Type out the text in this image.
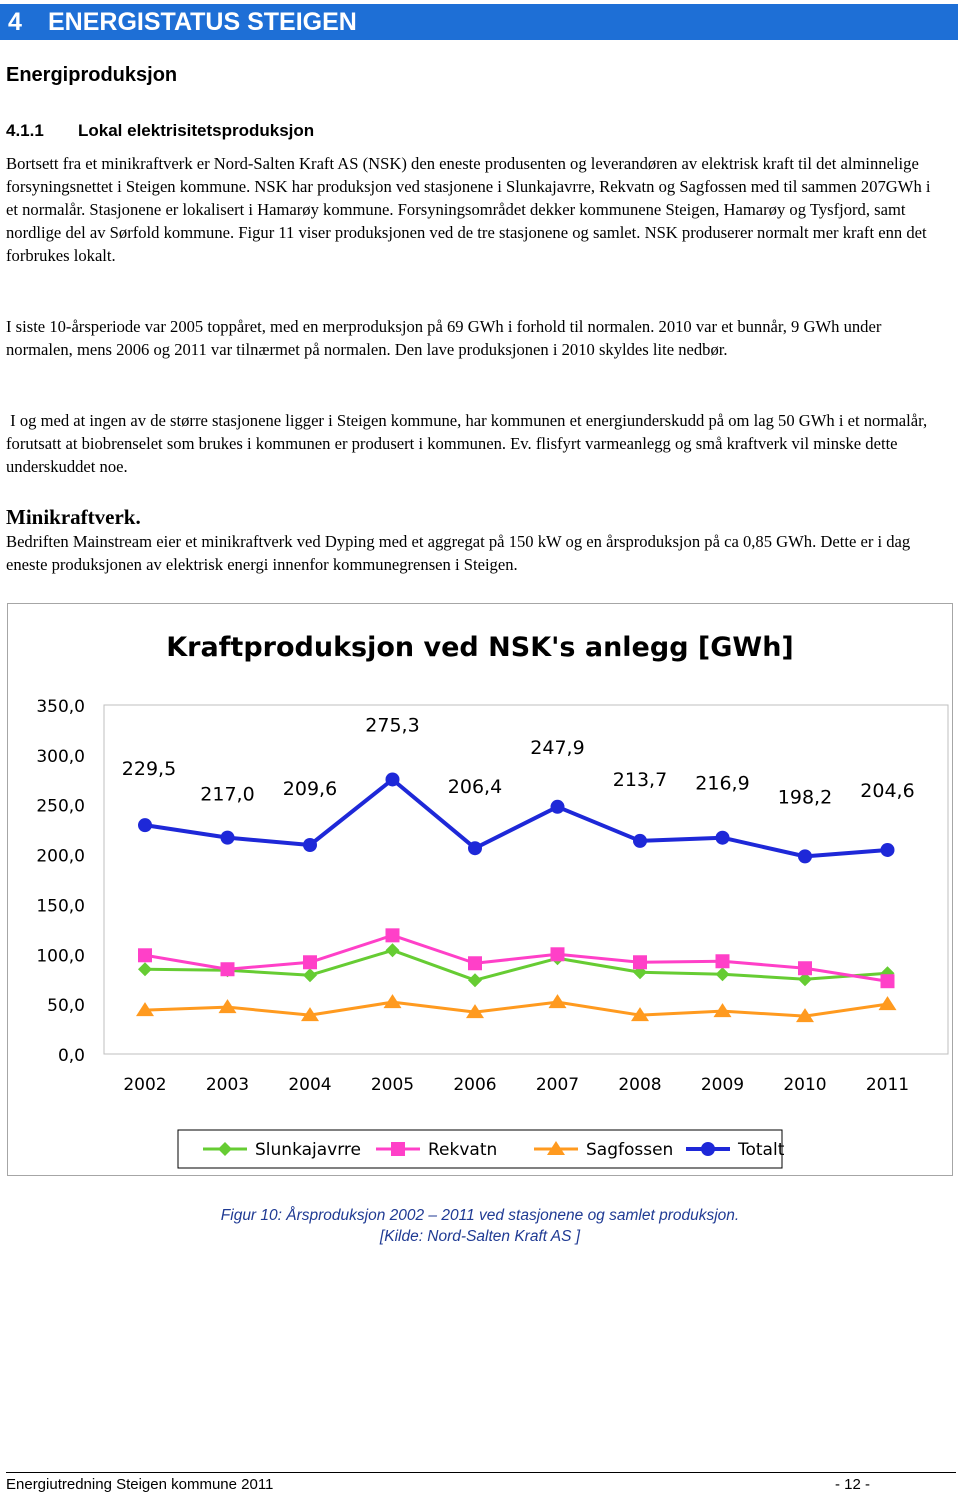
4 ENERGISTATUS STEIGEN
Energiproduksjon
4.1.1 Lokal elektrisitetsproduksjon

Bortsett fra et minikraftverk er Nord-Salten Kraft AS (NSK) den eneste produsenten og leverandøren av elektrisk kraft til det alminnelige forsyningsnettet i Steigen kommune. NSK har produksjon ved stasjonene i Slunkajavrre, Rekvatn og Sagfossen med til sammen 207GWh i et normalår. Stasjonene er lokalisert i Hamarøy kommune. Forsyningsområdet dekker kommunene Steigen, Hamarøy og Tysfjord, samt nordlige del av Sørfold kommune. Figur 11 viser produksjonen ved de tre stasjonene og samlet. NSK produserer normalt mer kraft enn det forbrukes lokalt.

I siste 10-årsperiode var 2005 toppåret, med en merproduksjon på 69 GWh i forhold til normalen. 2010 var et bunnår, 9 GWh under normalen, mens 2006 og 2011 var tilnærmet på normalen. Den lave produksjonen i 2010 skyldes lite nedbør.

I og med at ingen av de større stasjonene ligger i Steigen kommune, har kommunen et energiunderskudd på om lag 50 GWh i et normalår, forutsatt at biobrenselet som brukes i kommunen er produsert i kommunen. Ev. flisfyrt varmeanlegg og små kraftverk vil minske dette underskuddet noe.

Minikraftverk.

Bedriften Mainstream eier et minikraftverk ved Dyping med et aggregat på 150 kW og en årsproduksjon på ca 0,85 GWh. Dette er i dag eneste produksjonen av elektrisk energi innenfor kommunegrensen i Steigen.

Kraftproduksjon ved NSK's anlegg [GWh]
0,0
50,0
100,0
150,0
200,0
250,0
300,0
350,0
2002 2003 2004 2005 2006 2007 2008 2009 2010 2011
229,5
217,0 209,6
275,3
206,4
247,9
213,7 216,9
198,2 204,6
Slunkajavrre	Rekvatn	Sagfossen	Totalt
Figur 10: Årsproduksjon 2002 – 2011 ved stasjonene og samlet produksjon.
[Kilde: Nord-Salten Kraft AS ]
Energiutredning Steigen kommune 2011	- 12 -
